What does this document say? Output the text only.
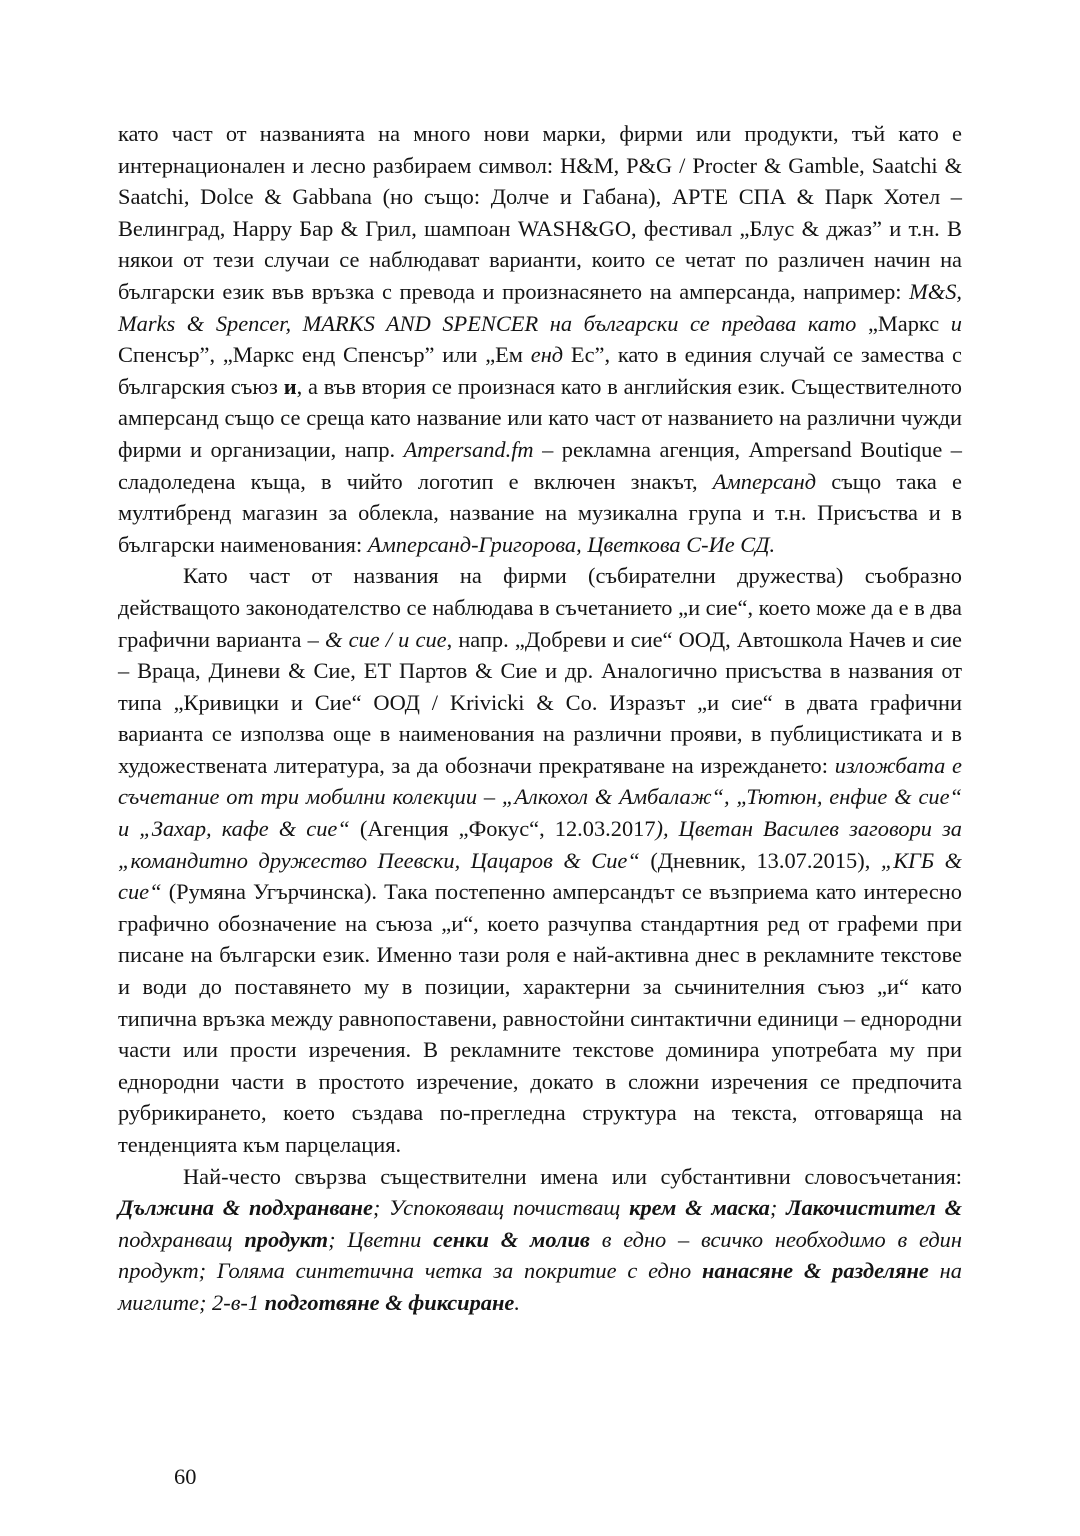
като част от названията на много нови марки, фирми или продукти, тъй като е интернационален и лесно разбираем символ: H&M, P&G / Procter & Gamble, Saatchi & Saatchi, Dolce & Gabbana (но също: Долче и Габана), АРТЕ СПА & Парк Хотел – Велинград, Нарру Бар & Грил, шампоан WASH&GO, фестивал „Блус & джаз” и т.н. В някои от тези случаи се наблюдават варианти, които се четат по различен начин на български език във връзка с превода и произнасянето на амперсанда, например: M&S, Marks & Spencer, MARKS AND SPENCER на български се предава като „Маркс и Спенсър”, „Маркс енд Спенсър” или „Ем енд Ес”, като в единия случай се замества с българския съюз и, а във втория се произнася като в английския език. Съществителното амперсанд също се среща като название или като част от названието на различни чужди фирми и организации, напр. Ampersand.fm – рекламна агенция, Ampersand Boutique – сладоледена къща, в чийто логотип е включен знакът, Амперсанд също така е мултибренд магазин за облекла, название на музикална група и т.н. Присъства и в български наименования: Амперсанд-Григорова, Цветкова С-Ие СД.

Като част от названия на фирми (събирателни дружества) съобразно действащото законодателство се наблюдава в съчетанието „и сие“, което може да е в два графични варианта – & сие / и сие, напр. „Добреви и сие“ ООД, Автошкола Начев и сие – Враца, Диневи & Сие, ЕТ Партов & Сие и др. Аналогично присъства в названия от типа „Кривицки и Сие“ ООД / Krivicki & Co. Изразът „и сие“ в двата графични варианта се използва още в наименования на различни прояви, в публицистиката и в художествената литература, за да обозначи прекратяване на изреждането: изложбата е съчетание от три мобилни колекции – „Алкохол & Амбалаж“, „Тютюн, енфие & сие“ и „Захар, кафе & сие“ (Агенция „Фокус“, 12.03.2017), Цветан Василев заговори за „командитно дружество Пеевски, Цацаров & Сие“ (Дневник, 13.07.2015), „КГБ & сие“ (Румяна Угърчинска). Така постепенно амперсандът се възприема като интересно графично обозначение на съюза „и“, което разчупва стандартния ред от графеми при писане на български език. Именно тази роля е най-активна днес в рекламните текстове и води до поставянето му в позиции, характерни за сьчинителния съюз „и“ като типична връзка между равнопоставени, равностойни синтактични единици – еднородни части или прости изречения. В рекламните текстове доминира употребата му при еднородни части в простото изречение, докато в сложни изречения се предпочита рубрикирането, което създава по-прегледна структура на текста, отговаряща на тенденцията към парцелация.

Най-често свързва съществителни имена или субстантивни словосъчетания: Дължина & подхранване; Успокояващ почистващ крем & маска; Лакочистител & подхранващ продукт; Цветни сенки & молив в едно – всичко необходимо в един продукт; Голяма синтетична четка за покритие с едно нанасяне & разделяне на миглите; 2-в-1 подготвяне & фиксиране.

60
